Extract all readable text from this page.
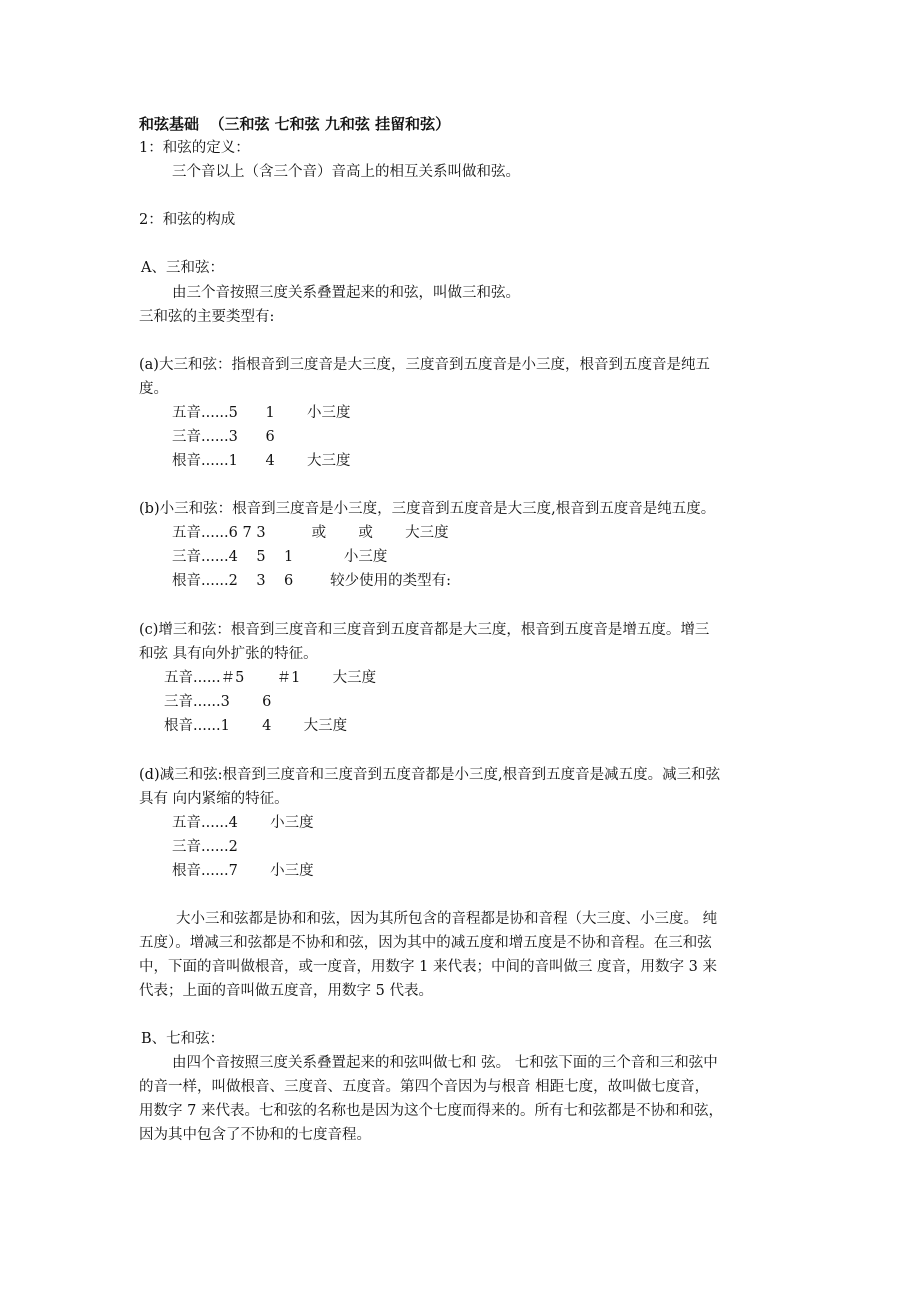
和弦基础  （三和弦 七和弦 九和弦 挂留和弦）
1：和弦的定义：
三个音以上（含三个音）音高上的相互关系叫做和弦。
2：和弦的构成
A、三和弦：
由三个音按照三度关系叠置起来的和弦，叫做三和弦。
三和弦的主要类型有:
(a)大三和弦：指根音到三度音是大三度，三度音到五度音是小三度，根音到五度音是纯五
度。
五音......5      1       小三度
三音......3      6
根音......1      4       大三度
(b)小三和弦：根音到三度音是小三度，三度音到五度音是大三度,根音到五度音是纯五度。
五音......6 7 3          或       或       大三度
三音......4    5    1           小三度
根音......2    3    6        较少使用的类型有:
(c)增三和弦：根音到三度音和三度音到五度音都是大三度，根音到五度音是增五度。增三
和弦 具有向外扩张的特征。
五音......＃5       ＃1       大三度
三音......3       6
根音......1       4       大三度
(d)减三和弦:根音到三度音和三度音到五度音都是小三度,根音到五度音是减五度。减三和弦
具有 向内紧缩的特征。
五音......4       小三度
三音......2
根音......7       小三度
大小三和弦都是协和和弦，因为其所包含的音程都是协和音程（大三度、小三度。 纯
五度）。增减三和弦都是不协和和弦，因为其中的减五度和增五度是不协和音程。在三和弦
中，下面的音叫做根音，或一度音，用数字 1 来代表；中间的音叫做三 度音，用数字 3 来
代表；上面的音叫做五度音，用数字 5 代表。
B、七和弦：
由四个音按照三度关系叠置起来的和弦叫做七和 弦。 七和弦下面的三个音和三和弦中
的音一样，叫做根音、三度音、五度音。第四个音因为与根音 相距七度，故叫做七度音，
用数字 7 来代表。七和弦的名称也是因为这个七度而得来的。所有七和弦都是不协和和弦，
因为其中包含了不协和的七度音程。
